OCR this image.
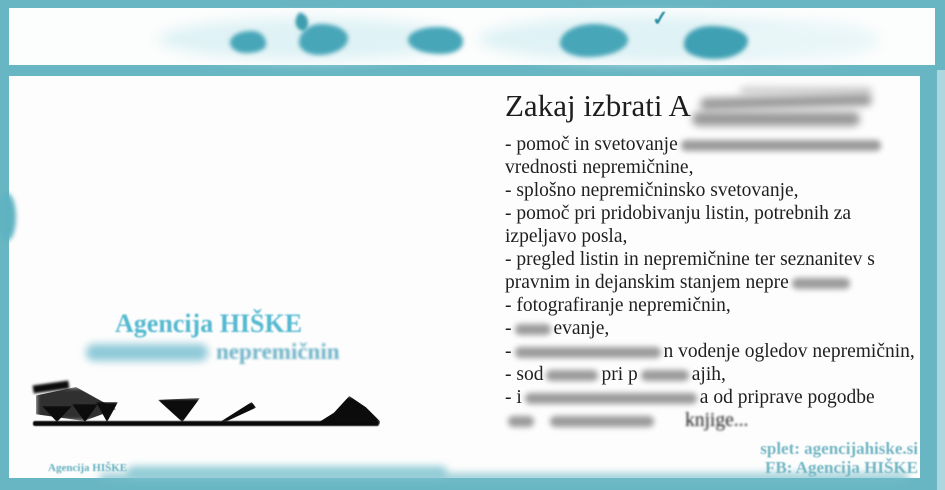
✓
Agencija HIŠKE
nepremičnin
Agencija HIŠKE
Zakaj izbrati A
- pomoč in svetovanje
vrednosti nepremičnine,
- splošno nepremičninsko svetovanje,
- pomoč pri pridobivanju listin, potrebnih za
izpeljavo posla,
- pregled listin in nepremičnine ter seznanitev s
pravnim in dejanskim stanjem nepre
- fotografiranje nepremičnin,
- evanje,
-	n vodenje ogledov nepremičnin,
- sod	pri p	ajih,
- i	a od priprave pogodbe
knjige...
splet: agencijahiske.si
FB: Agencija HIŠKE
